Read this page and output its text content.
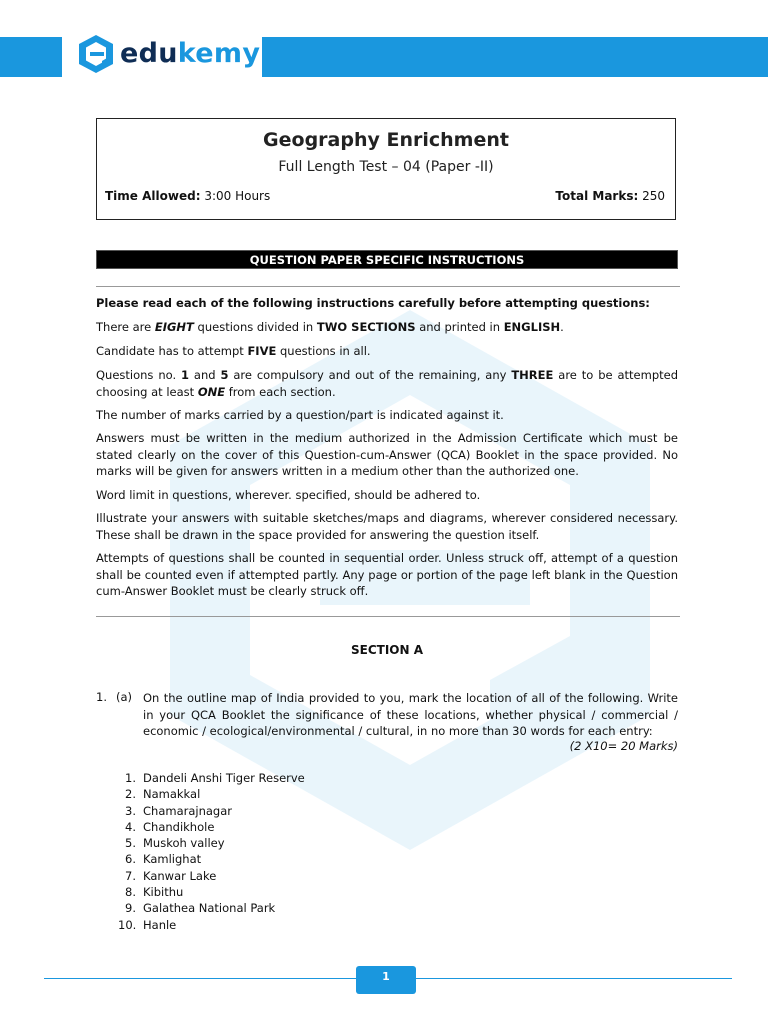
edukemy
Geography Enrichment
Full Length Test – 04 (Paper -II)
Time Allowed: 3:00 Hours	Total Marks: 250
QUESTION PAPER SPECIFIC INSTRUCTIONS
Please read each of the following instructions carefully before attempting questions:
There are EIGHT questions divided in TWO SECTIONS and printed in ENGLISH.
Candidate has to attempt FIVE questions in all.
Questions no. 1 and 5 are compulsory and out of the remaining, any THREE are to be attempted choosing at least ONE from each section.
The number of marks carried by a question/part is indicated against it.
Answers must be written in the medium authorized in the Admission Certificate which must be stated clearly on the cover of this Question-cum-Answer (QCA) Booklet in the space provided. No marks will be given for answers written in a medium other than the authorized one.
Word limit in questions, wherever. specified, should be adhered to.
Illustrate your answers with suitable sketches/maps and diagrams, wherever considered necessary. These shall be drawn in the space provided for answering the question itself.
Attempts of questions shall be counted in sequential order. Unless struck off, attempt of a question shall be counted even if attempted partly. Any page or portion of the page left blank in the Question cum-Answer Booklet must be clearly struck off.
SECTION A
1. (a) On the outline map of India provided to you, mark the location of all of the following. Write in your QCA Booklet the significance of these locations, whether physical / commercial / economic / ecological/environmental / cultural, in no more than 30 words for each entry:
(2 X10= 20 Marks)
1. Dandeli Anshi Tiger Reserve
2. Namakkal
3. Chamarajnagar
4. Chandikhole
5. Muskoh valley
6. Kamlighat
7. Kanwar Lake
8. Kibithu
9. Galathea National Park
10. Hanle
1
